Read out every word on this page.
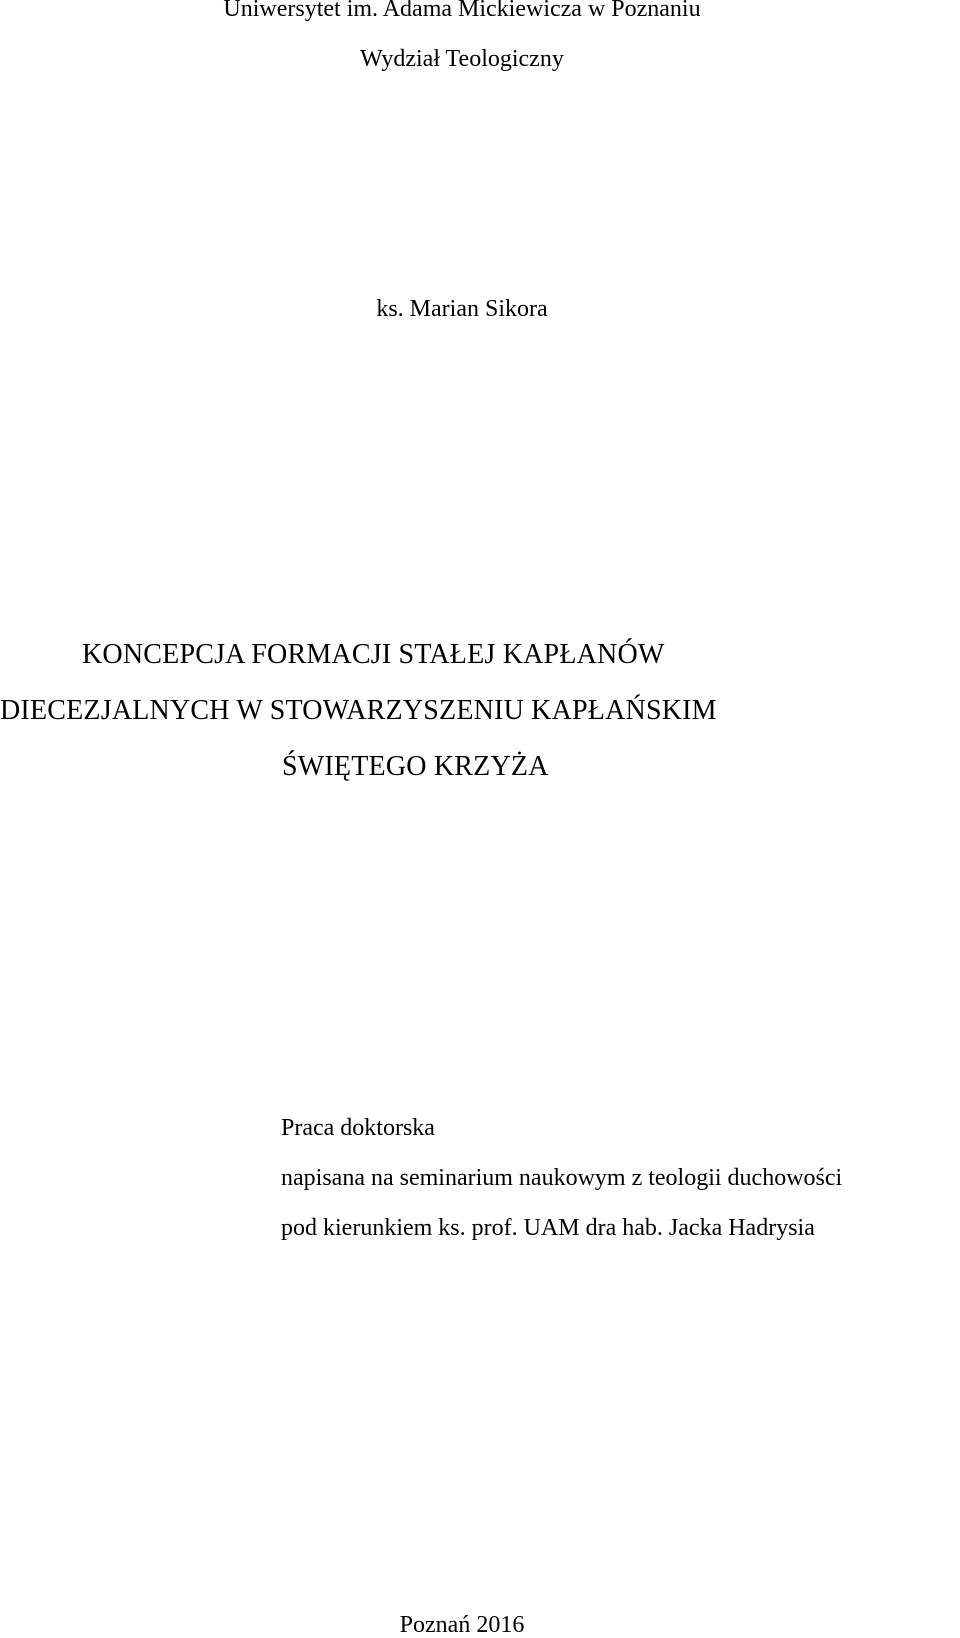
Uniwersytet im. Adama Mickiewicza w Poznaniu
Wydział Teologiczny
ks. Marian Sikora
KONCEPCJA FORMACJI STAŁEJ KAPŁANÓW
DIECEZJALNYCH W STOWARZYSZENIU KAPŁAŃSKIM
ŚWIĘTEGO KRZYŻA
Praca doktorska
napisana na seminarium naukowym z teologii duchowości
pod kierunkiem ks. prof. UAM dra hab. Jacka Hadrysia
Poznań 2016
